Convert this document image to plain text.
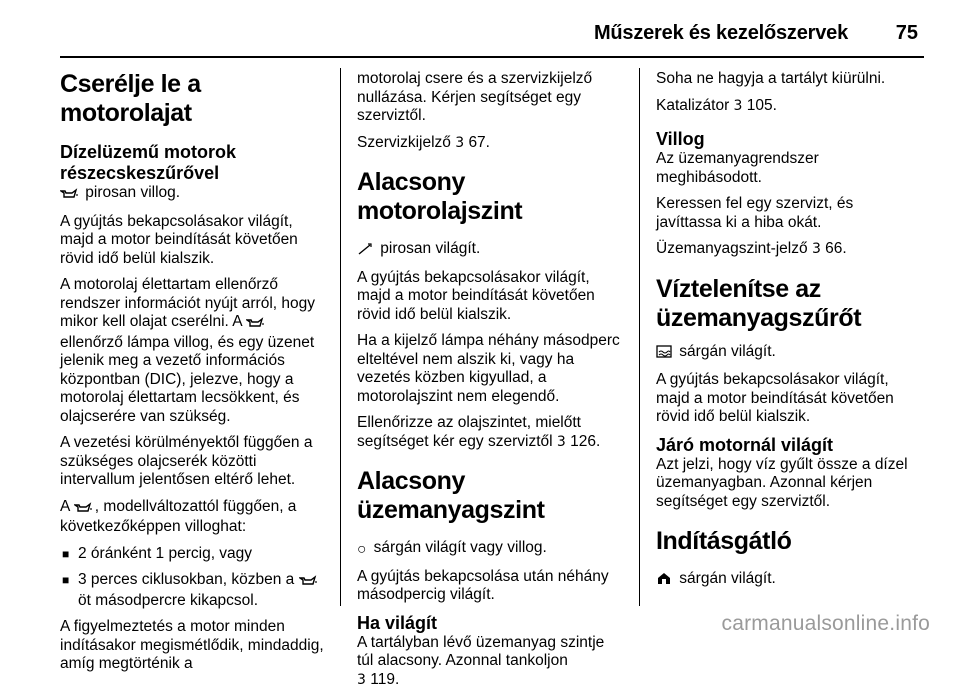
Műszerek és kezelőszervek 75
Cserélje le a motorolajat
Dízelüzemű motorok
részecskeszűrővel

pirosan villog.

A gyújtás bekapcsolásakor világít, majd a motor beindítását követően rövid idő belül kialszik.

A motorolaj élettartam ellenőrző rendszer információt nyújt arról, hogy mikor kell olajat cserélni. A  ellenőrző lámpa villog, és egy üzenet jelenik meg a vezető információs központban (DIC), jelezve, hogy a motorolaj élettartam lecsökkent, és olajcserére van szükség.

A vezetési körülményektől függően a szükséges olajcserék közötti intervallum jelentősen eltérő lehet.

A , modellváltozattól függően, a következőképpen villoghat:

■ 2 óránként 1 percig, vagy
■ 3 perces ciklusokban, közben a  öt másodpercre kikapcsol.

A figyelmeztetés a motor minden indításakor megismétlődik, mindaddig, amíg megtörténik a

motorolaj csere és a szervizkijelző nullázása. Kérjen segítséget egy szerviztől.

Szervizkijelző 3 67.

Alacsony motorolajszint

pirosan világít.

A gyújtás bekapcsolásakor világít, majd a motor beindítását követően rövid idő belül kialszik.

Ha a kijelző lámpa néhány másodperc elteltével nem alszik ki, vagy ha vezetés közben kigyullad, a motorolajszint nem elegendő.

Ellenőrizze az olajszintet, mielőtt segítséget kér egy szerviztől 3 126.

Alacsony üzemanyagszint

○ sárgán világít vagy villog.

A gyújtás bekapcsolása után néhány másodpercig világít.

Ha világít

A tartályban lévő üzemanyag szintje túl alacsony. Azonnal tankoljon
3 119.

Soha ne hagyja a tartályt kiürülni.

Katalizátor 3 105.

Villog

Az üzemanyagrendszer meghibásodott.

Keressen fel egy szervizt, és javíttassa ki a hiba okát.

Üzemanyagszint-jelző 3 66.

Víztelenítse az üzemanyagszűrőt

sárgán világít.

A gyújtás bekapcsolásakor világít, majd a motor beindítását követően rövid idő belül kialszik.

Járó motornál világít

Azt jelzi, hogy víz gyűlt össze a dízel üzemanyagban. Azonnal kérjen segítséget egy szerviztől.

Indításgátló

sárgán világít.

carmanualsonline.info
